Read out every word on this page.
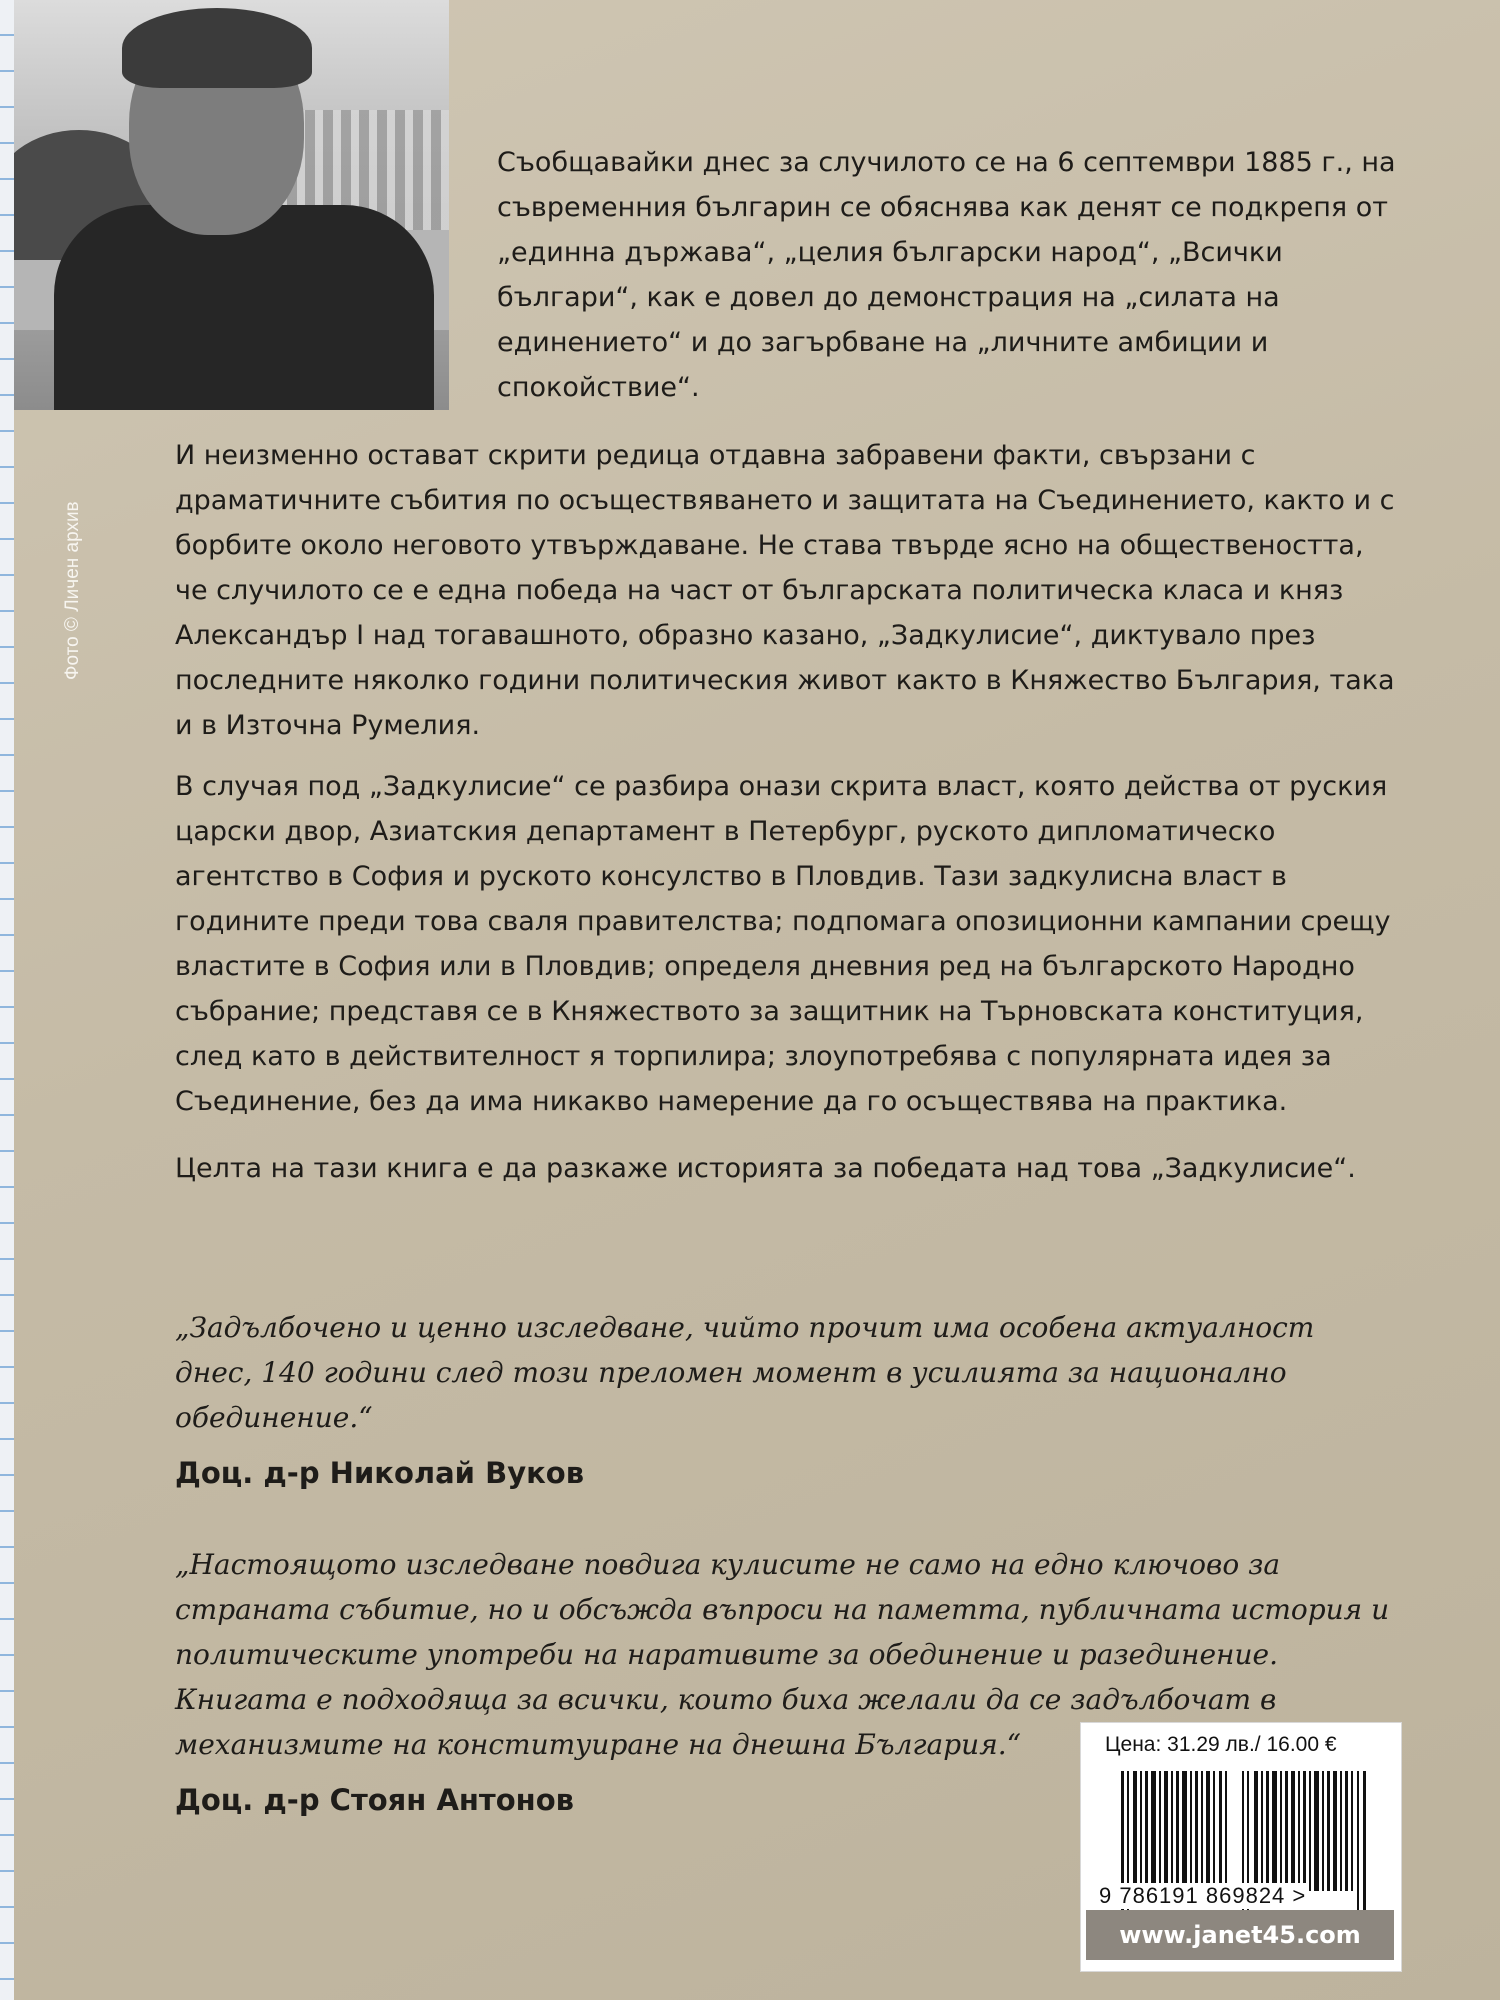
Фото © Личен архив

Съобщавайки днес за случилото се на 6 септември 1885 г., на съвременния българин се обяснява как денят се подкрепя от „единна държава“, „целия български народ“, „Всички българи“, как е довел до демонстрация на „силата на единението“ и до загърбване на „личните амбиции и спокойствие“.

И неизменно остават скрити редица отдавна забравени факти, свързани с драматичните събития по осъществяването и защитата на Съединението, както и с борбите около неговото утвърждаване. Не става твърде ясно на обществеността, че случилото се е една победа на част от българската политическа класа и княз Александър I над тогавашното, образно казано, „Задкулисие“, диктувало през последните няколко години политическия живот както в Княжество България, така и в Източна Румелия.

В случая под „Задкулисие“ се разбира онази скрита власт, която действа от руския царски двор, Азиатския департамент в Петербург, руското дипломатическо агентство в София и руското консулство в Пловдив. Тази задкулисна власт в годините преди това сваля правителства; подпомага опозиционни кампании срещу властите в София или в Пловдив; определя дневния ред на българското Народно събрание; представя се в Княжеството за защитник на Търновската конституция, след като в действителност я торпилира; злоупотребява с популярната идея за Съединение, без да има никакво намерение да го осъществява на практика.

Целта на тази книга е да разкаже историята за победата над това „Задкулисие“.

„Задълбочено и ценно изследване, чийто прочит има особена актуалност днес, 140 години след този преломен момент в усилията за национално обединение.“

Доц. д-р Николай Вуков

„Настоящото изследване повдига кулисите не само на едно ключово за страната събитие, но и обсъжда въпроси на паметта, публичната история и политическите употреби на наративите за обединение и разединение. Книгата е подходяща за всички, които биха желали да се задълбочат в механизмите на конституиране на днешна България.“

Доц. д-р Стоян Антонов

Цена: 31.29 лв./ 16.00 €
9 786191 869824 >
www.janet45.com
